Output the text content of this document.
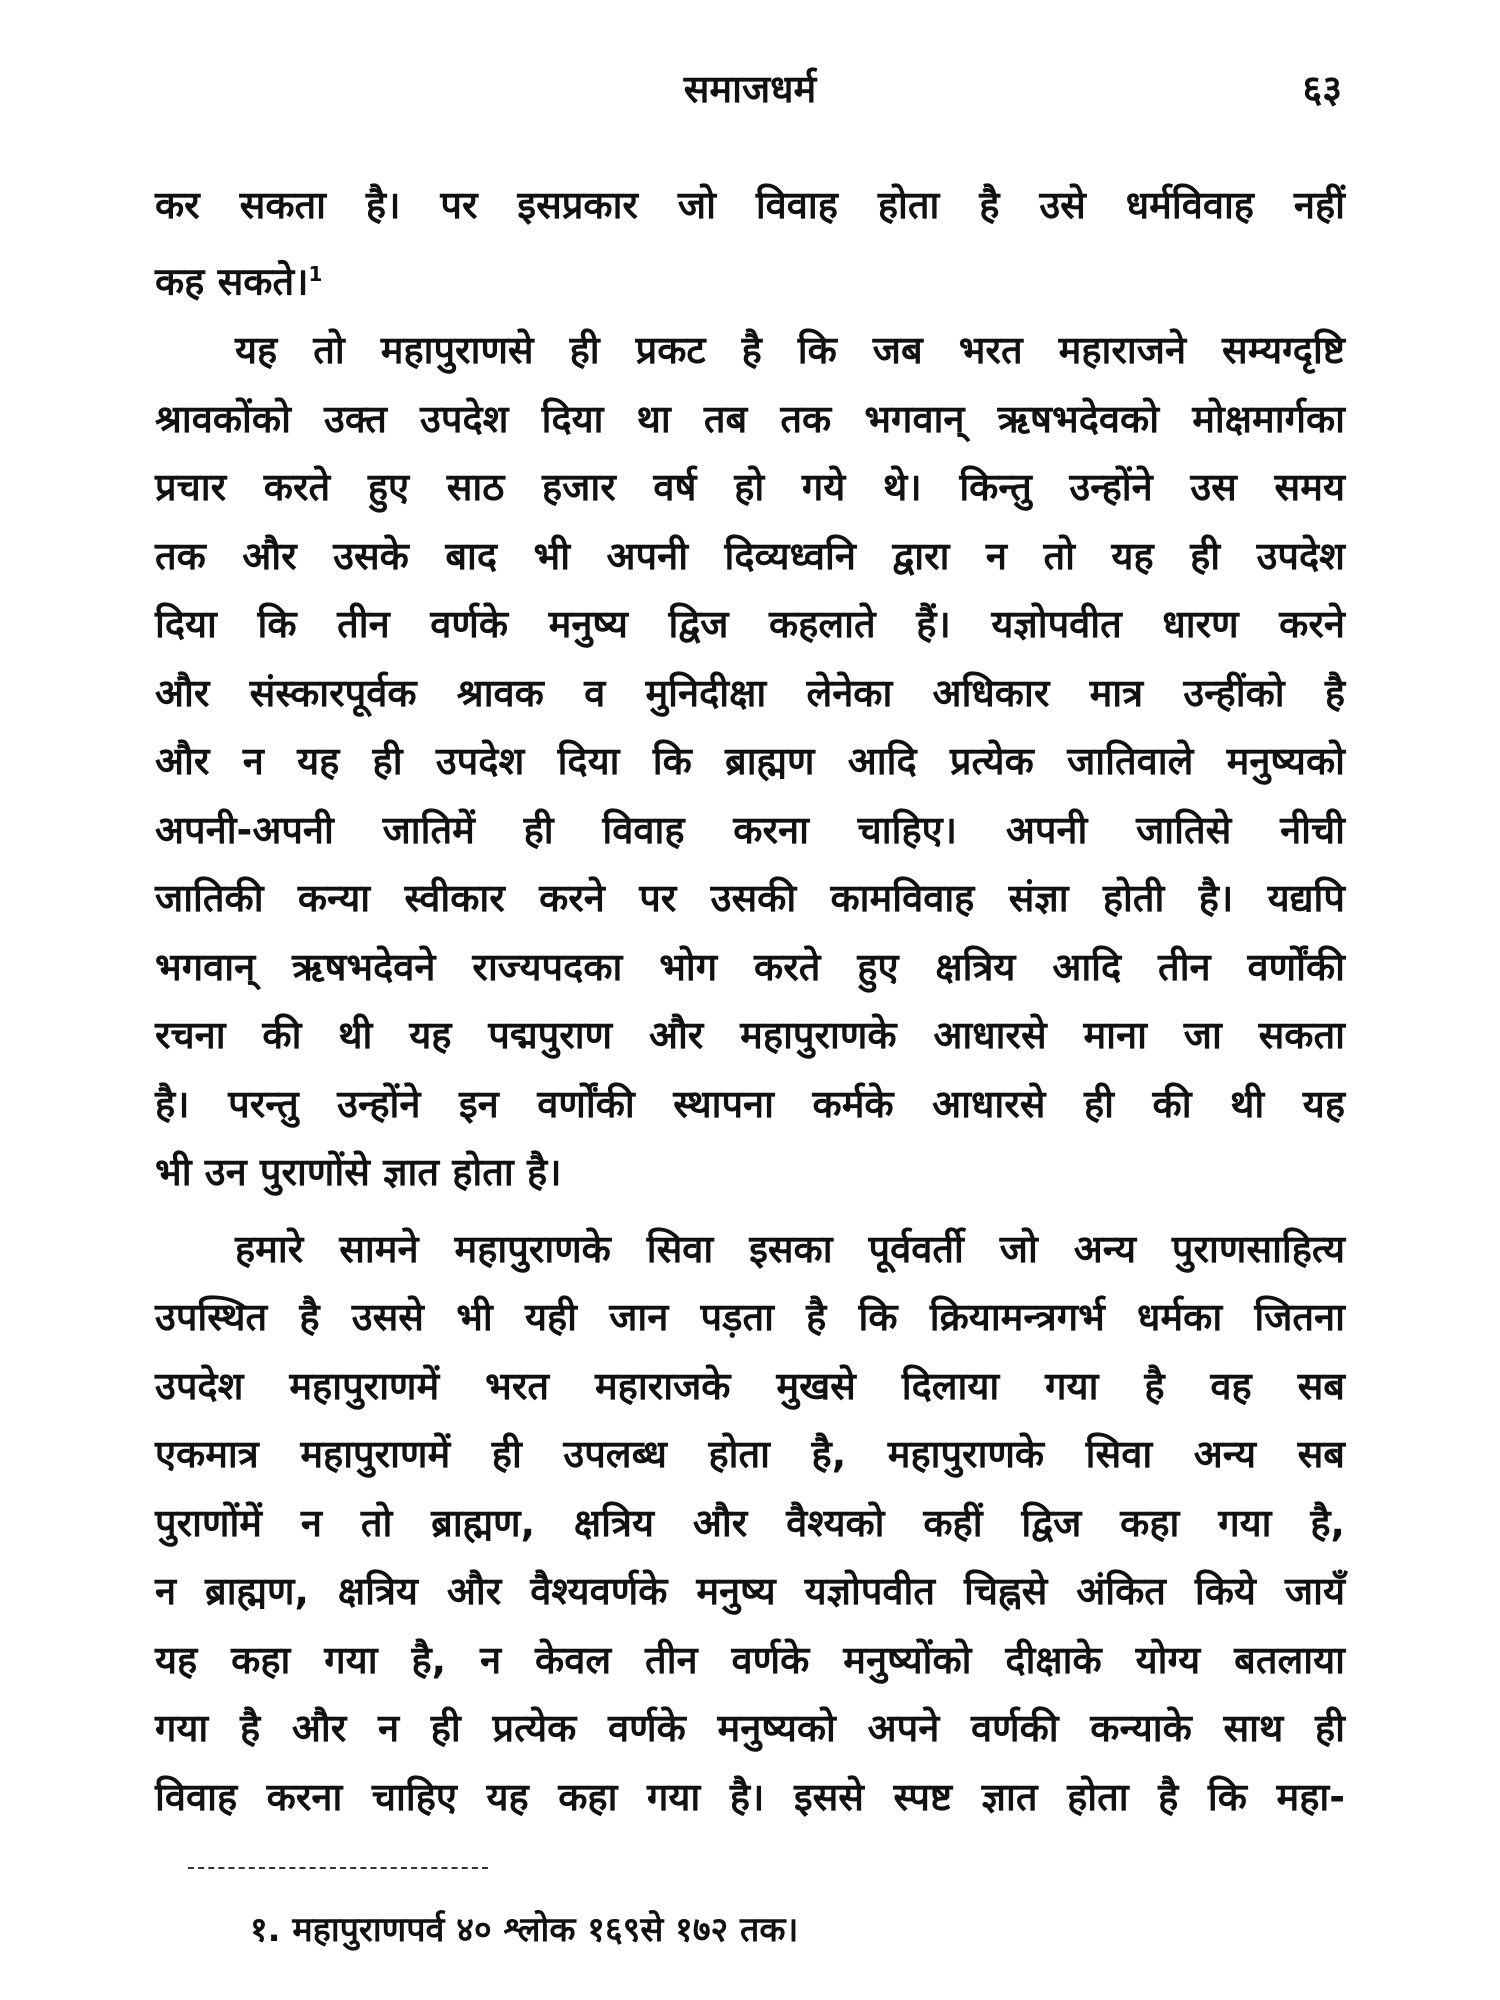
समाजधर्म	६३
कर सकता है। पर इसप्रकार जो विवाह होता है उसे धर्मविवाह नहीं
कह सकते।$^1$
यह तो महापुराणसे ही प्रकट है कि जब भरत महाराजने सम्यग्दृष्टि
श्रावकोंको उक्त उपदेश दिया था तब तक भगवान् ऋषभदेवको मोक्षमार्गका
प्रचार करते हुए साठ हजार वर्ष हो गये थे। किन्तु उन्होंने उस समय
तक और उसके बाद भी अपनी दिव्यध्वनि द्वारा न तो यह ही उपदेश
दिया कि तीन वर्णके मनुष्य द्विज कहलाते हैं। यज्ञोपवीत धारण करने
और संस्कारपूर्वक श्रावक व मुनिदीक्षा लेनेका अधिकार मात्र उन्हींको है
और न यह ही उपदेश दिया कि ब्राह्मण आदि प्रत्येक जातिवाले मनुष्यको
अपनी-अपनी जातिमें ही विवाह करना चाहिए। अपनी जातिसे नीची
जातिकी कन्या स्वीकार करने पर उसकी कामविवाह संज्ञा होती है। यद्यपि
भगवान् ऋषभदेवने राज्यपदका भोग करते हुए क्षत्रिय आदि तीन वर्णोंकी
रचना की थी यह पद्मपुराण और महापुराणके आधारसे माना जा सकता
है। परन्तु उन्होंने इन वर्णोंकी स्थापना कर्मके आधारसे ही की थी यह
भी उन पुराणोंसे ज्ञात होता है।
हमारे सामने महापुराणके सिवा इसका पूर्ववर्ती जो अन्य पुराणसाहित्य
उपस्थित है उससे भी यही जान पड़ता है कि क्रियामन्त्रगर्भ धर्मका जितना
उपदेश महापुराणमें भरत महाराजके मुखसे दिलाया गया है वह सब
एकमात्र महापुराणमें ही उपलब्ध होता है, महापुराणके सिवा अन्य सब
पुराणोंमें न तो ब्राह्मण, क्षत्रिय और वैश्यको कहीं द्विज कहा गया है,
न ब्राह्मण, क्षत्रिय और वैश्यवर्णके मनुष्य यज्ञोपवीत चिह्नसे अंकित किये जायँ
यह कहा गया है, न केवल तीन वर्णके मनुष्योंको दीक्षाके योग्य बतलाया
गया है और न ही प्रत्येक वर्णके मनुष्यको अपने वर्णकी कन्याके साथ ही
विवाह करना चाहिए यह कहा गया है। इससे स्पष्ट ज्ञात होता है कि महा-
१. महापुराणपर्व ४० श्लोक १६९से १७२ तक।
